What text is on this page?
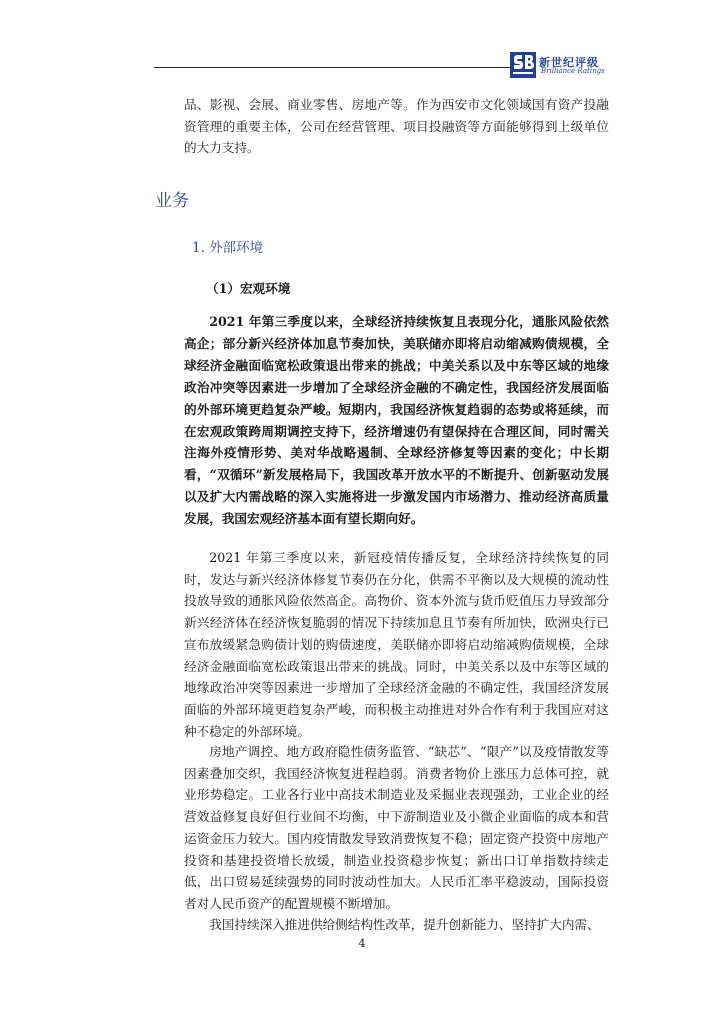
新世纪评级
Brilliance Ratings

品、影视、会展、商业零售、房地产等。作为西安市文化领域国有资产投融资管理的重要主体，公司在经营管理、项目投融资等方面能够得到上级单位的大力支持。

业务
1. 外部环境
（1）宏观环境

2021 年第三季度以来，全球经济持续恢复且表现分化，通胀风险依然高企；部分新兴经济体加息节奏加快，美联储亦即将启动缩减购债规模，全球经济金融面临宽松政策退出带来的挑战；中美关系以及中东等区域的地缘政治冲突等因素进一步增加了全球经济金融的不确定性，我国经济发展面临的外部环境更趋复杂严峻。短期内，我国经济恢复趋弱的态势或将延续，而在宏观政策跨周期调控支持下，经济增速仍有望保持在合理区间，同时需关注海外疫情形势、美对华战略遏制、全球经济修复等因素的变化；中长期看，“双循环”新发展格局下，我国改革开放水平的不断提升、创新驱动发展以及扩大内需战略的深入实施将进一步激发国内市场潜力、推动经济高质量发展，我国宏观经济基本面有望长期向好。

2021 年第三季度以来，新冠疫情传播反复，全球经济持续恢复的同时，发达与新兴经济体修复节奏仍在分化，供需不平衡以及大规模的流动性投放导致的通胀风险依然高企。高物价、资本外流与货币贬值压力导致部分新兴经济体在经济恢复脆弱的情况下持续加息且节奏有所加快，欧洲央行已宣布放缓紧急购债计划的购债速度，美联储亦即将启动缩减购债规模，全球经济金融面临宽松政策退出带来的挑战。同时，中美关系以及中东等区域的地缘政治冲突等因素进一步增加了全球经济金融的不确定性，我国经济发展面临的外部环境更趋复杂严峻，而积极主动推进对外合作有利于我国应对这种不稳定的外部环境。

房地产调控、地方政府隐性债务监管、“缺芯”、“限产”以及疫情散发等因素叠加交织，我国经济恢复进程趋弱。消费者物价上涨压力总体可控，就业形势稳定。工业各行业中高技术制造业及采掘业表现强劲，工业企业的经营效益修复良好但行业间不均衡，中下游制造业及小微企业面临的成本和营运资金压力较大。国内疫情散发导致消费恢复不稳；固定资产投资中房地产投资和基建投资增长放缓，制造业投资稳步恢复；新出口订单指数持续走低，出口贸易延续强势的同时波动性加大。人民币汇率平稳波动，国际投资者对人民币资产的配置规模不断增加。

我国持续深入推进供给侧结构性改革，提升创新能力、坚持扩大内需、

4
